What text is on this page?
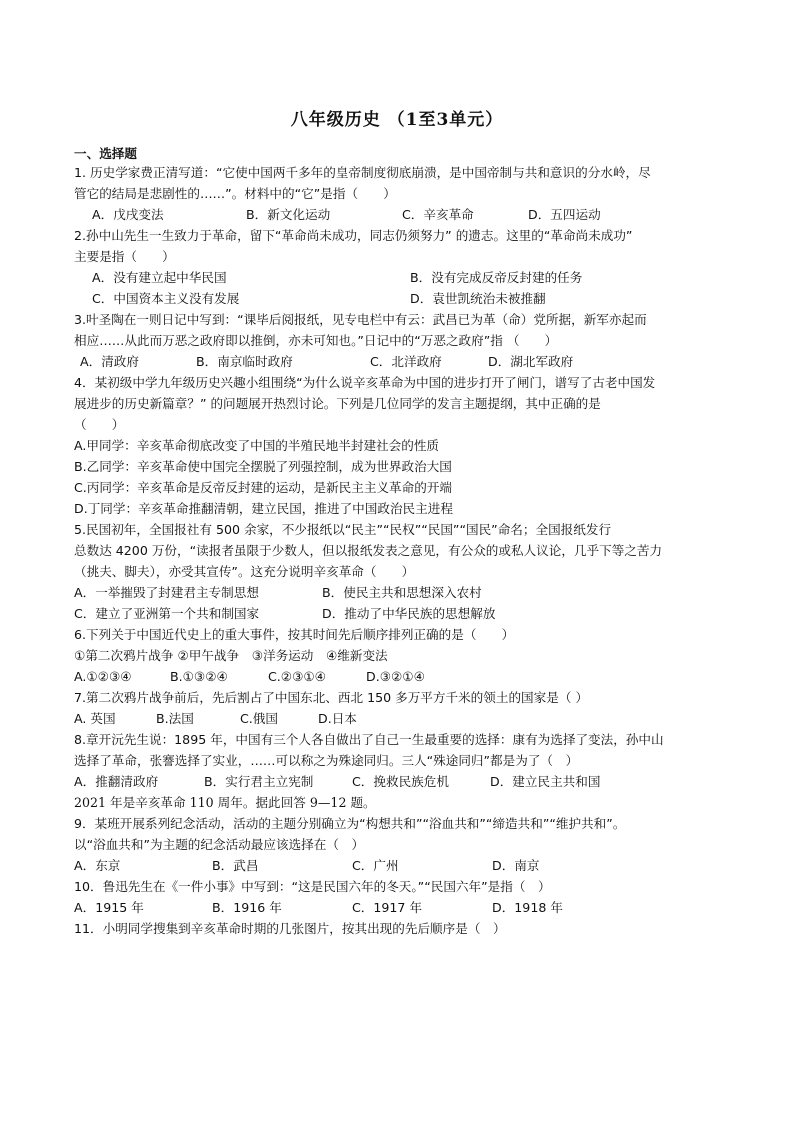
八年级历史 （1至3单元）
一、选择题
1. 历史学家费正清写道：“它使中国两千多年的皇帝制度彻底崩溃，是中国帝制与共和意识的分水岭，尽
管它的结局是悲剧性的……”。材料中的“它”是指（　　）
A．戊戌变法	B．新文化运动	C．辛亥革命	D．五四运动
2.孙中山先生一生致力于革命，留下“革命尚未成功，同志仍须努力” 的遗志。这里的“革命尚未成功”
主要是指（　　）
A．没有建立起中华民国	B．没有完成反帝反封建的任务
C．中国资本主义没有发展	D．袁世凯统治未被推翻
3.叶圣陶在一则日记中写到：“课毕后阅报纸，见专电栏中有云：武昌已为革（命）党所据，新军亦起而
相应……从此而万恶之政府即以推倒，亦未可知也。”日记中的“万恶之政府”指 （　　）
A．清政府	B．南京临时政府	C．北洋政府	D．湖北军政府
4．某初级中学九年级历史兴趣小组围绕“为什么说辛亥革命为中国的进步打开了闸门，谱写了古老中国发
展进步的历史新篇章？” 的问题展开热烈讨论。下列是几位同学的发言主题提纲，其中正确的是
（　　）
A.甲同学：辛亥革命彻底改变了中国的半殖民地半封建社会的性质
B.乙同学：辛亥革命使中国完全摆脱了列强控制，成为世界政治大国
C.丙同学：辛亥革命是反帝反封建的运动，是新民主主义革命的开端
D.丁同学：辛亥革命推翻清朝，建立民国，推进了中国政治民主进程
5.民国初年，全国报社有 500 余家，不少报纸以“民主”“民权”“民国”“国民”命名；全国报纸发行
总数达 4200 万份，“读报者虽限于少数人，但以报纸发表之意见，有公众的或私人议论，几乎下等之苦力
（挑夫、脚夫），亦受其宣传”。这充分说明辛亥革命（　　）
A．一举摧毁了封建君主专制思想	B．使民主共和思想深入农村
C．建立了亚洲第一个共和制国家	D．推动了中华民族的思想解放
6.下列关于中国近代史上的重大事件，按其时间先后顺序排列正确的是（　　）
①第二次鸦片战争 ②甲午战争　③洋务运动　④维新变法
A.①②③④	B.①③②④	C.②③①④	D.③②①④
7.第二次鸦片战争前后，先后割占了中国东北、西北 150 多万平方千米的领土的国家是（ ）
A. 英国	B.法国	C.俄国	D.日本
8.章开沅先生说：1895 年，中国有三个人各自做出了自己一生最重要的选择：康有为选择了变法，孙中山
选择了革命，张謇选择了实业，……可以称之为殊途同归。三人“殊途同归”都是为了（　）
A．推翻清政府	B．实行君主立宪制	C．挽救民族危机	D．建立民主共和国
2021 年是辛亥革命 110 周年。据此回答 9—12 题。
9．某班开展系列纪念活动，活动的主题分别确立为“构想共和”“浴血共和”“缔造共和”“维护共和”。
以“浴血共和”为主题的纪念活动最应该选择在（　）
A．东京	B．武昌	C．广州	D．南京
10．鲁迅先生在《一件小事》中写到：“这是民国六年的冬天。”“民国六年”是指（　）
A．1915 年	B．1916 年	C．1917 年	D．1918 年
11．小明同学搜集到辛亥革命时期的几张图片，按其出现的先后顺序是（　）
